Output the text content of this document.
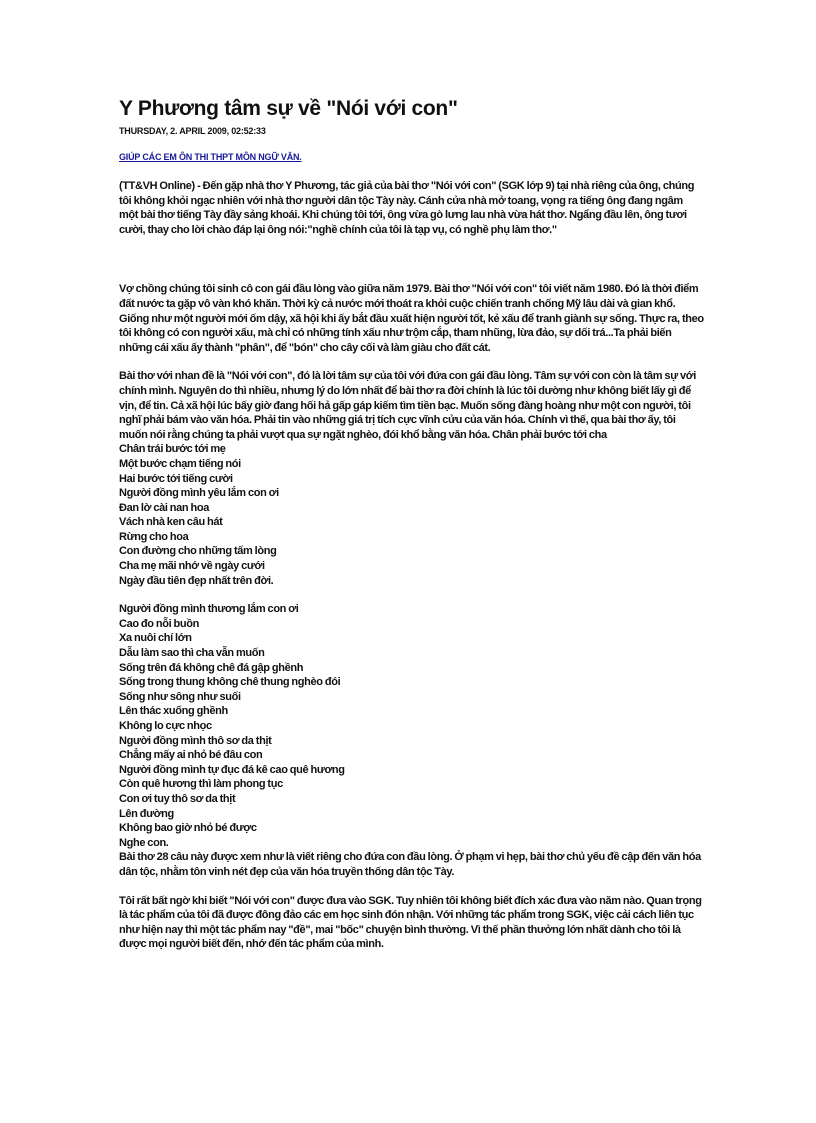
Y Phương tâm sự về "Nói với con"
THURSDAY, 2. APRIL 2009, 02:52:33
GIÚP CÁC EM ÔN THI THPT MÔN NGỮ VĂN.

(TT&VH Online) - Đến gặp nhà thơ Y Phương, tác giả của bài thơ "Nói với con" (SGK lớp 9) tại nhà riêng của ông, chúng tôi không khỏi ngạc nhiên với nhà thơ người dân tộc Tày này. Cánh cửa nhà mở toang, vọng ra tiếng ông đang ngâm một bài thơ tiếng Tày đầy sảng khoái. Khi chúng tôi tới, ông vừa gò lưng lau nhà vừa hát thơ. Ngẩng đầu lên, ông tươi cười, thay cho lời chào đáp lại ông nói:"nghề chính của tôi là tạp vụ, có nghề phụ làm thơ."

Vợ chồng chúng tôi sinh cô con gái đầu lòng vào giữa năm 1979. Bài thơ "Nói với con" tôi viết năm 1980. Đó là thời điểm đất nước ta gặp vô vàn khó khăn. Thời kỳ cả nước mới thoát ra khỏi cuộc chiến tranh chống Mỹ lâu dài và gian khổ. Giống như một người mới ốm dậy, xã hội khi ấy bắt đầu xuất hiện người tốt, kẻ xấu để tranh giành sự sống. Thực ra, theo tôi không có con người xấu, mà chỉ có những tính xấu như trộm cắp, tham nhũng, lừa đảo, sự dối trá...Ta phải biến những cái xấu ấy thành "phân", để "bón" cho cây cối và làm giàu cho đất cát.

Bài thơ với nhan đề là "Nói với con", đó là lời tâm sự của tôi với đứa con gái đầu lòng. Tâm sự với con còn là tâm sự với chính mình. Nguyên do thì nhiều, nhưng lý do lớn nhất để bài thơ ra đời chính là lúc tôi dường như không biết lấy gì để vịn, để tin. Cả xã hội lúc bấy giờ đang hối hả gấp gáp kiếm tìm tiền bạc. Muốn sống đàng hoàng như một con người, tôi nghĩ phải bám vào văn hóa. Phải tin vào những giá trị tích cực vĩnh cửu của văn hóa. Chính vì thế, qua bài thơ ấy, tôi muốn nói rằng chúng ta phải vượt qua sự ngặt nghèo, đói khổ bằng văn hóa. Chân phải bước tới cha

Chân trái bước tới mẹ

Một bước chạm tiếng nói

Hai bước tới tiếng cười

Người đồng mình yêu lắm con ơi

Đan lờ cài nan hoa

Vách nhà ken câu hát

Rừng cho hoa

Con đường cho những tấm lòng

Cha mẹ mãi nhớ về ngày cưới

Ngày đầu tiên đẹp nhất trên đời.

Người đồng mình thương lắm con ơi

Cao đo nỗi buồn

Xa nuôi chí lớn

Dẫu làm sao thì cha vẫn muốn

Sống trên đá không chê đá gập ghềnh

Sống trong thung không chê thung nghèo đói

Sống như sông như suối

Lên thác xuống ghềnh

Không lo cực nhọc

Người đồng mình thô sơ da thịt

Chẳng mấy ai nhỏ bé đâu con

Người đồng mình tự đục đá kê cao quê hương

Còn quê hương thì làm phong tục

Con ơi tuy thô sơ da thịt

Lên đường

Không bao giờ nhỏ bé được

Nghe con.

Bài thơ 28 câu này được xem như là viết riêng cho đứa con đầu lòng. Ở phạm vi hẹp, bài thơ chủ yếu đề cập đến văn hóa dân tộc, nhằm tôn vinh nét đẹp của văn hóa truyền thống dân tộc Tày.

Tôi rất bất ngờ khi biết "Nói với con" được đưa vào SGK. Tuy nhiên tôi không biết đích xác đưa vào năm nào. Quan trọng là tác phẩm của tôi đã được đông đảo các em học sinh đón nhận. Với những tác phẩm trong SGK, việc cải cách liên tục như hiện nay thì một tác phẩm nay "đề", mai "bốc" chuyện bình thường. Vì thế phần thưởng lớn nhất dành cho tôi là được mọi người biết đến, nhớ đến tác phẩm của mình.
